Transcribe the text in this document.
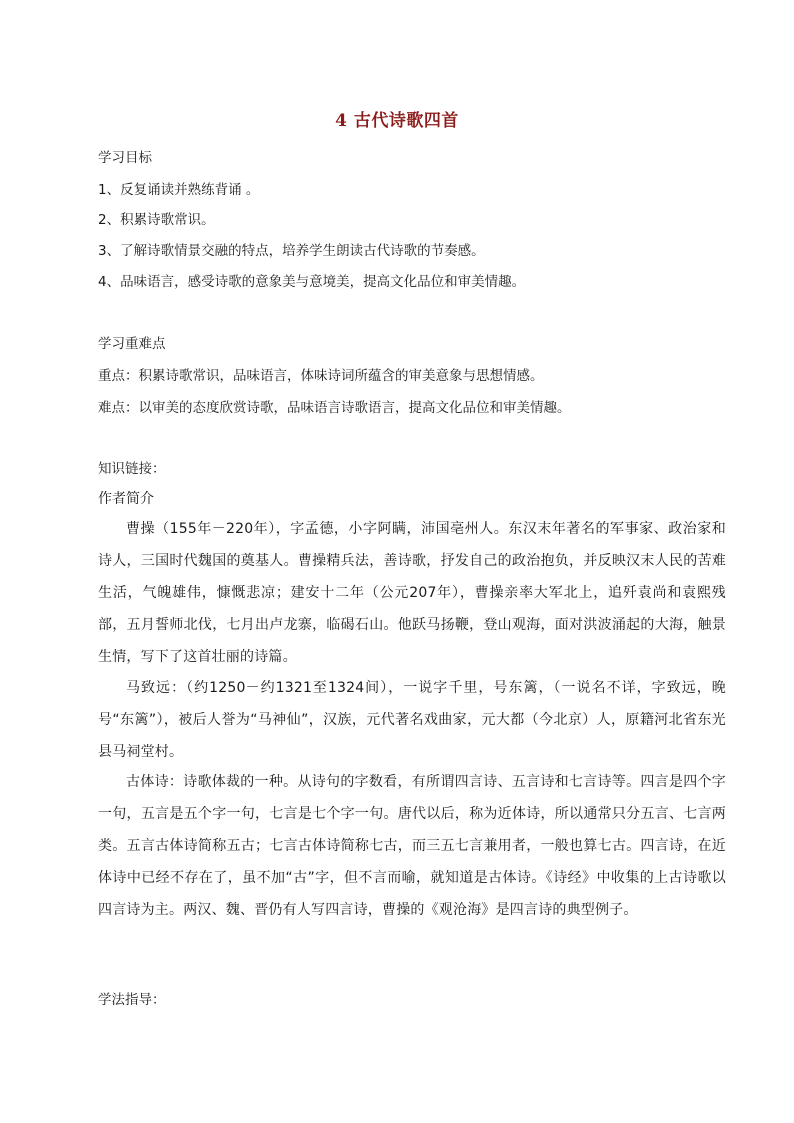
4 古代诗歌四首
学习目标
1、反复诵读并熟练背诵 。
2、积累诗歌常识。
3、了解诗歌情景交融的特点，培养学生朗读古代诗歌的节奏感。
4、品味语言，感受诗歌的意象美与意境美，提高文化品位和审美情趣。
学习重难点
重点：积累诗歌常识，品味语言，体味诗词所蕴含的审美意象与思想情感。
难点：以审美的态度欣赏诗歌，品味语言诗歌语言，提高文化品位和审美情趣。
知识链接：
作者简介
曹操（155年－220年），字孟德，小字阿瞒，沛国亳州人。东汉末年著名的军事家、政治家和诗人，三国时代魏国的奠基人。曹操精兵法，善诗歌，抒发自己的政治抱负，并反映汉末人民的苦难生活，气魄雄伟，慷慨悲凉；建安十二年（公元207年），曹操亲率大军北上，追歼袁尚和袁熙残部，五月誓师北伐，七月出卢龙寨，临碣石山。他跃马扬鞭，登山观海，面对洪波涌起的大海，触景生情，写下了这首壮丽的诗篇。
马致远：（约1250－约1321至1324间），一说字千里，号东篱，（一说名不详，字致远，晚号“东篱”），被后人誉为“马神仙”，汉族，元代著名戏曲家，元大都（今北京）人，原籍河北省东光县马祠堂村。
古体诗：诗歌体裁的一种。从诗句的字数看，有所谓四言诗、五言诗和七言诗等。四言是四个字一句，五言是五个字一句，七言是七个字一句。唐代以后，称为近体诗，所以通常只分五言、七言两类。五言古体诗简称五古；七言古体诗简称七古，而三五七言兼用者，一般也算七古。四言诗，在近体诗中已经不存在了，虽不加“古”字，但不言而喻，就知道是古体诗。《诗经》中收集的上古诗歌以四言诗为主。两汉、魏、晋仍有人写四言诗，曹操的《观沧海》是四言诗的典型例子。
学法指导：
